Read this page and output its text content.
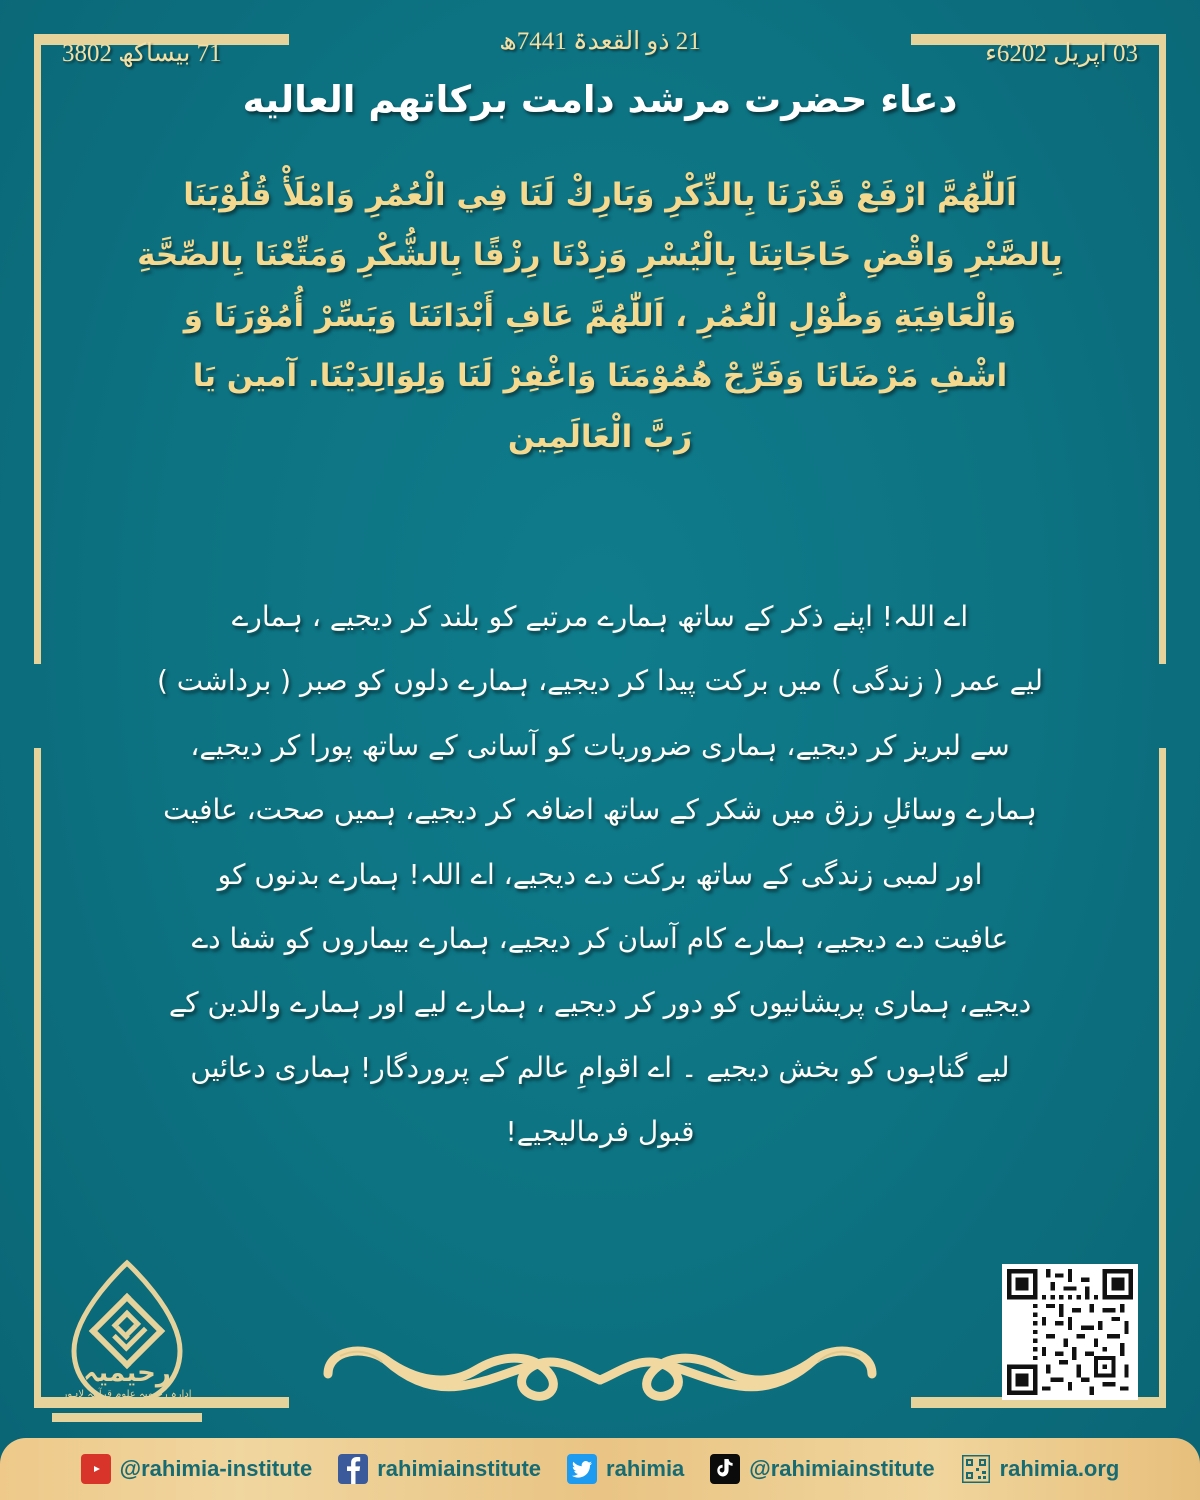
17 بیساکھ 2083	12 ذو القعدۃ 1447ھ	30 اپریل 2026ء
دعاء حضرت مرشد دامت برکاتهم العالیه
اَللّٰهُمَّ ارْفَعْ قَدْرَنَا بِالذِّكْرِ وَبَارِكْ لَنَا فِي الْعُمُرِ وَامْلَأْ قُلُوْبَنَا
بِالصَّبْرِ وَاقْضِ حَاجَاتِنَا بِالْيُسْرِ وَزِدْنَا رِزْقًا بِالشُّكْرِ وَمَتِّعْنَا بِالصِّحَّةِ
وَالْعَافِيَةِ وَطُوْلِ الْعُمُرِ ، اَللّٰهُمَّ عَافِ أَبْدَانَنَا وَيَسِّرْ أُمُوْرَنَا وَ
اشْفِ مَرْضَانَا وَفَرِّجْ هُمُوْمَنَا وَاغْفِرْ لَنَا وَلِوَالِدَيْنَا. آمين يَا
رَبَّ الْعَالَمِين
اے اللہ! اپنے ذکر کے ساتھ ہمارے مرتبے کو بلند کر دیجیے ، ہمارے
لیے عمر ( زندگی ) میں برکت پیدا کر دیجیے، ہمارے دلوں کو صبر ( برداشت )
سے لبریز کر دیجیے، ہماری ضروریات کو آسانی کے ساتھ پورا کر دیجیے،
ہمارے وسائلِ رزق میں شکر کے ساتھ اضافہ کر دیجیے، ہمیں صحت، عافیت
اور لمبی زندگی کے ساتھ برکت دے دیجیے، اے اللہ! ہمارے بدنوں کو
عافیت دے دیجیے، ہمارے کام آسان کر دیجیے، ہمارے بیماروں کو شفا دے
دیجیے، ہماری پریشانیوں کو دور کر دیجیے ، ہمارے لیے اور ہمارے والدین کے
لیے گناہوں کو بخش دیجیے ۔ اے اقوامِ عالم کے پروردگار! ہماری دعائیں
قبول فرمالیجیے!
رحیمیہ
ادارہ رحیمیہ علومِ قرآنیہ لاہور
@rahimia-institute	rahimiainstitute	rahimia	@rahimiainstitute	rahimia.org
